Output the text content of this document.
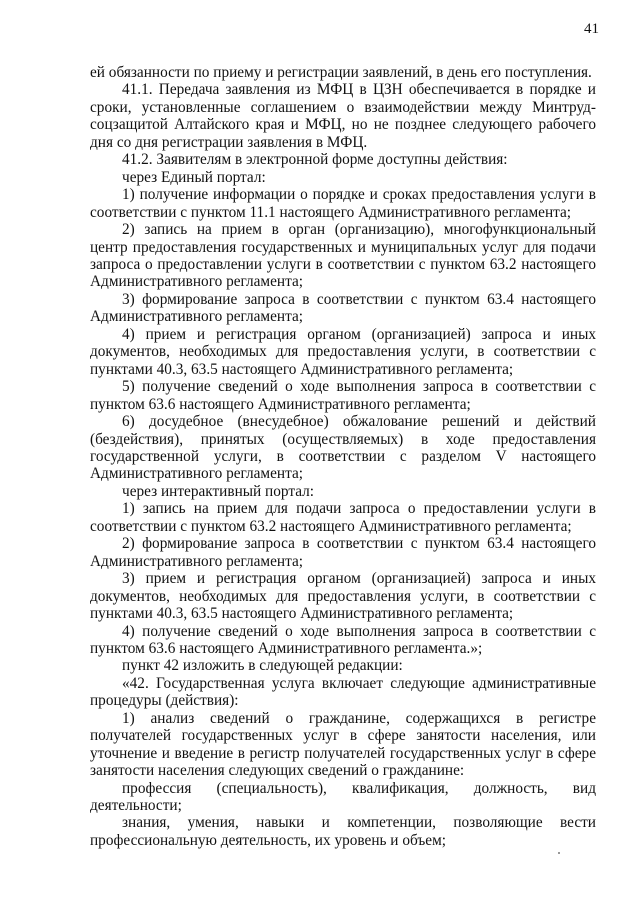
41

ей обязанности по приему и регистрации заявлений, в день его поступления.

41.1. Передача заявления из МФЦ в ЦЗН обеспечивается в порядке и сроки, установленные соглашением о взаимодействии между Минтруд-соцзащитой Алтайского края и МФЦ, но не позднее следующего рабочего дня со дня регистрации заявления в МФЦ.

41.2. Заявителям в электронной форме доступны действия:

через Единый портал:

1) получение информации о порядке и сроках предоставления услуги в соответствии с пунктом 11.1 настоящего Административного регламента;

2) запись на прием в орган (организацию), многофункциональный центр предоставления государственных и муниципальных услуг для подачи запроса о предоставлении услуги в соответствии с пунктом 63.2 настоящего Административного регламента;

3) формирование запроса в соответствии с пунктом 63.4 настоящего Административного регламента;

4) прием и регистрация органом (организацией) запроса и иных документов, необходимых для предоставления услуги, в соответствии с пунктами 40.3, 63.5 настоящего Административного регламента;

5) получение сведений о ходе выполнения запроса в соответствии с пунктом 63.6 настоящего Административного регламента;

6) досудебное (внесудебное) обжалование решений и действий (бездействия), принятых (осуществляемых) в ходе предоставления государственной услуги, в соответствии с разделом V настоящего Административного регламента;

через интерактивный портал:

1) запись на прием для подачи запроса о предоставлении услуги в соответствии с пунктом 63.2 настоящего Административного регламента;

2) формирование запроса в соответствии с пунктом 63.4 настоящего Административного регламента;

3) прием и регистрация органом (организацией) запроса и иных документов, необходимых для предоставления услуги, в соответствии с пунктами 40.3, 63.5 настоящего Административного регламента;

4) получение сведений о ходе выполнения запроса в соответствии с пунктом 63.6 настоящего Административного регламента.»;

пункт 42 изложить в следующей редакции:

«42. Государственная услуга включает следующие административные процедуры (действия):

1) анализ сведений о гражданине, содержащихся в регистре получателей государственных услуг в сфере занятости населения, или уточнение и введение в регистр получателей государственных услуг в сфере занятости населения следующих сведений о гражданине:

профессия (специальность), квалификация, должность, вид деятельности;

знания, умения, навыки и компетенции, позволяющие вести профессиональную деятельность, их уровень и объем;
